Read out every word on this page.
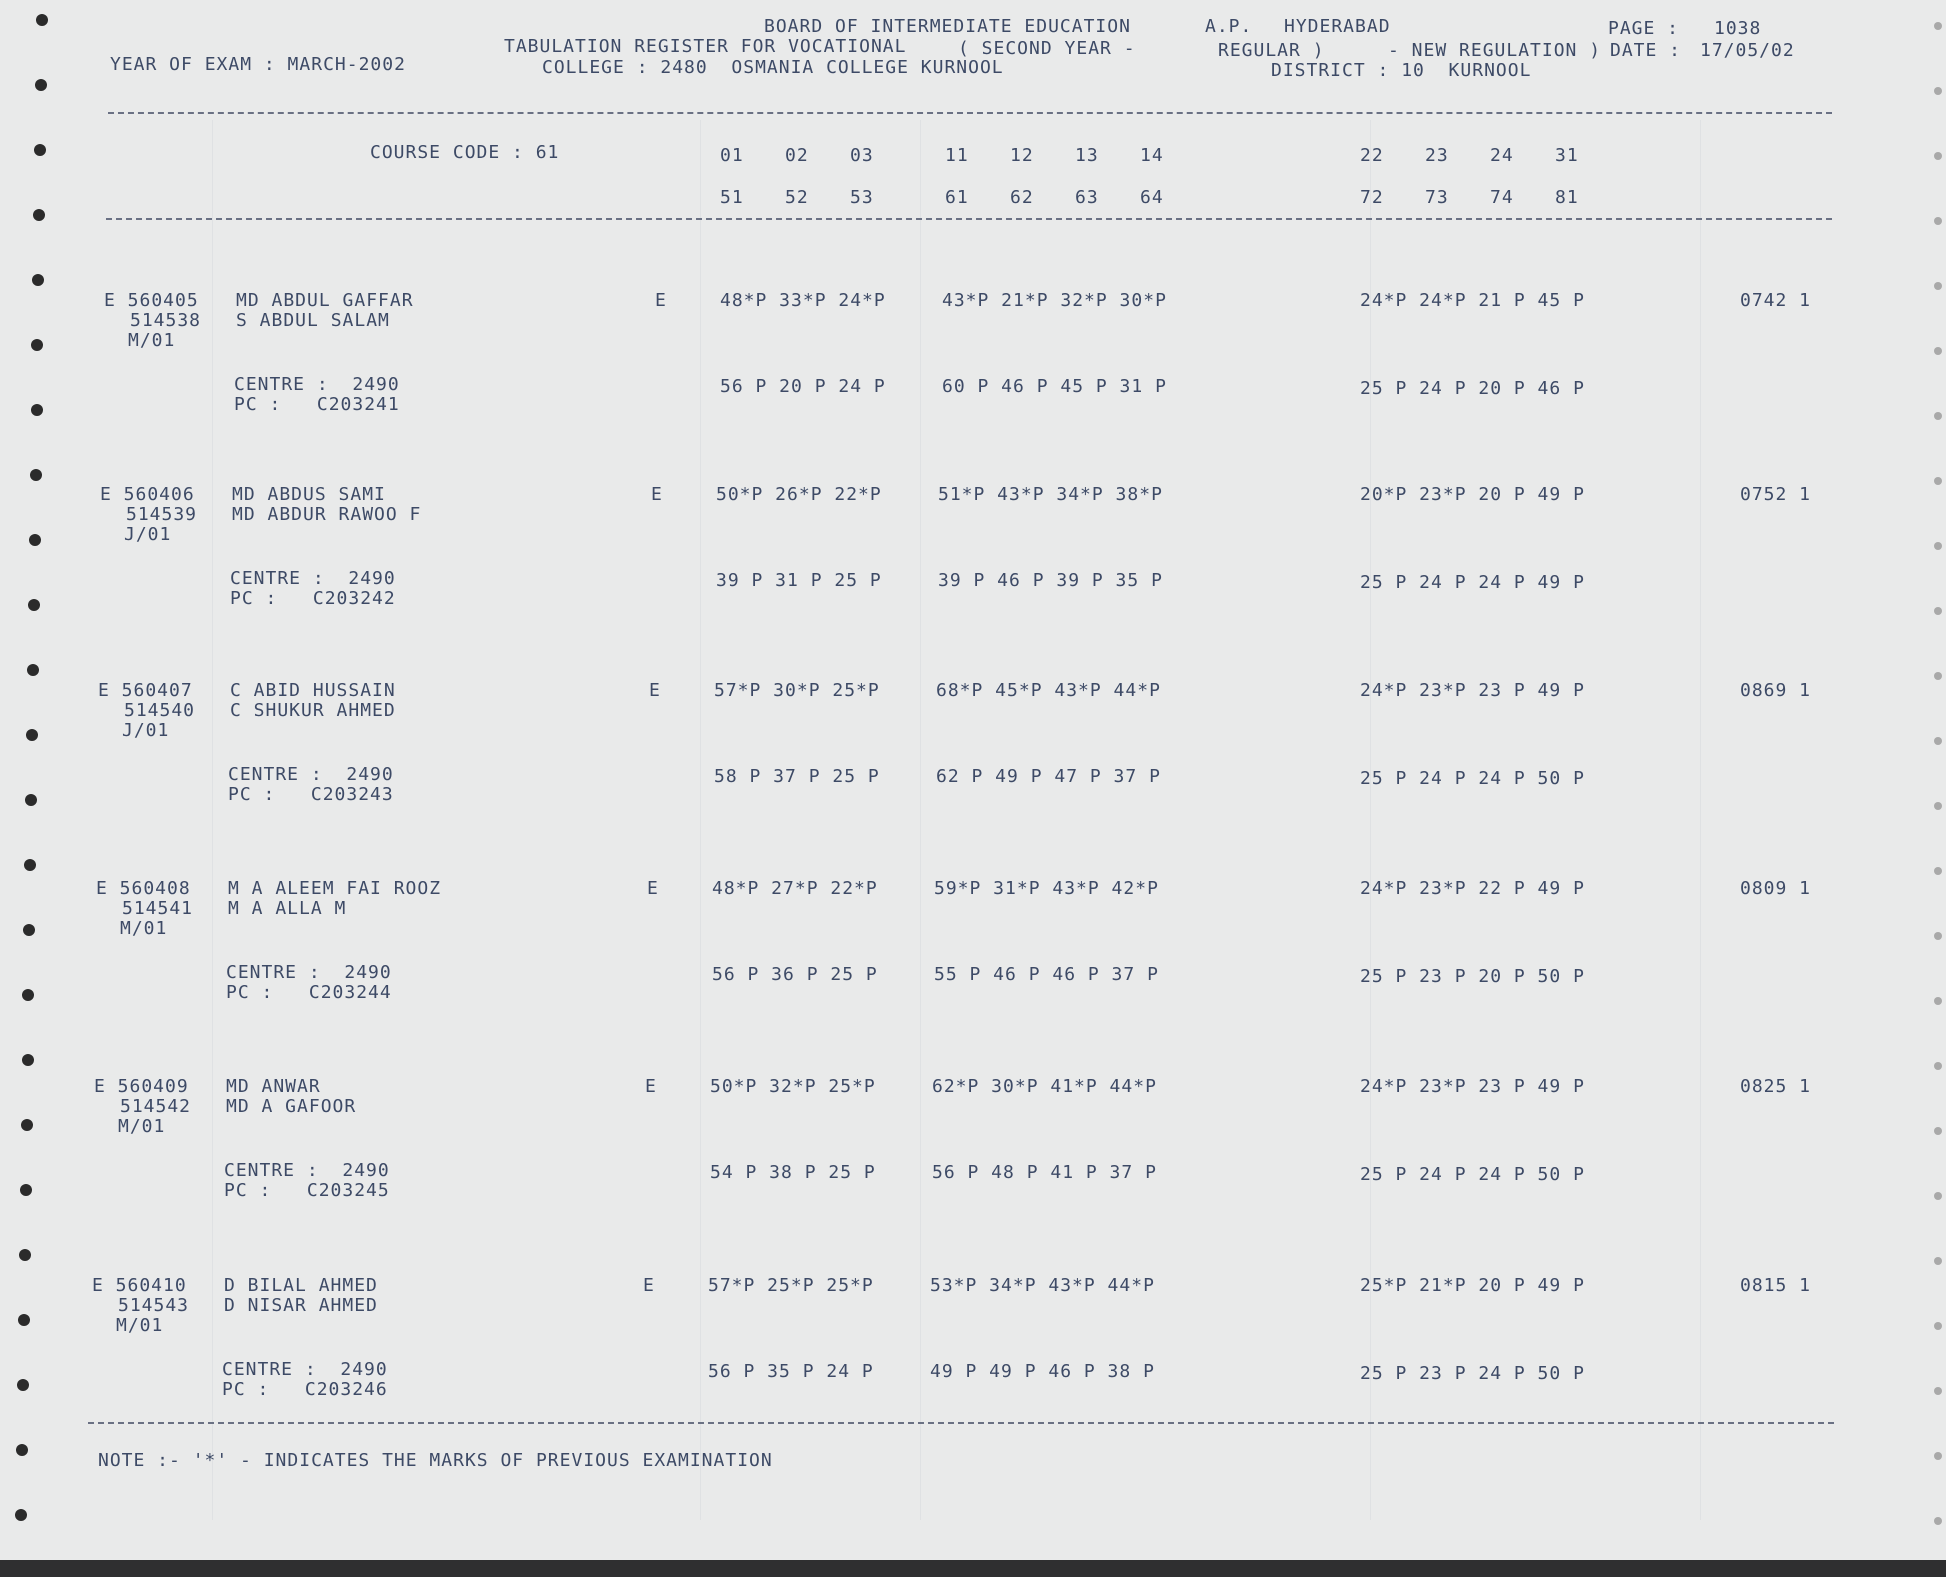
BOARD OF INTERMEDIATE EDUCATION	A.P. HYDERABAD	PAGE : 1038
TABULATION REGISTER FOR VOCATIONAL	( SECOND YEAR -	REGULAR )	- NEW REGULATION ) DATE : 17/05/02
YEAR OF EXAM : MARCH-2002	COLLEGE : 2480  OSMANIA COLLEGE KURNOOL	DISTRICT : 10  KURNOOL
COURSE CODE : 61	01 02 03	11 12 13 14	22 23 24 31
51 52 53	61 62 63 64	72 73 74 81
E 560405
514538
M/01
MD ABDUL GAFFAR
S ABDUL SALAM
E	48*P 33*P 24*P	43*P 21*P 32*P 30*P	24*P 24*P 21 P 45 P	0742 1
CENTRE :  2490
PC :   C203241
56 P 20 P 24 P	60 P 46 P 45 P 31 P	25 P 24 P 20 P 46 P
E 560406
514539
J/01
MD ABDUS SAMI
MD ABDUR RAWOO F
E	50*P 26*P 22*P	51*P 43*P 34*P 38*P	20*P 23*P 20 P 49 P	0752 1
CENTRE :  2490
PC :   C203242
39 P 31 P 25 P	39 P 46 P 39 P 35 P	25 P 24 P 24 P 49 P
E 560407
514540
J/01
C ABID HUSSAIN
C SHUKUR AHMED
E	57*P 30*P 25*P	68*P 45*P 43*P 44*P	24*P 23*P 23 P 49 P	0869 1
CENTRE :  2490
PC :   C203243
58 P 37 P 25 P	62 P 49 P 47 P 37 P	25 P 24 P 24 P 50 P
E 560408
514541
M/01
M A ALEEM FAI ROOZ
M A ALLA M
E	48*P 27*P 22*P	59*P 31*P 43*P 42*P	24*P 23*P 22 P 49 P	0809 1
CENTRE :  2490
PC :   C203244
56 P 36 P 25 P	55 P 46 P 46 P 37 P	25 P 23 P 20 P 50 P
E 560409
514542
M/01
MD ANWAR
MD A GAFOOR
E	50*P 32*P 25*P	62*P 30*P 41*P 44*P	24*P 23*P 23 P 49 P	0825 1
CENTRE :  2490
PC :   C203245
54 P 38 P 25 P	56 P 48 P 41 P 37 P	25 P 24 P 24 P 50 P
E 560410
514543
M/01
D BILAL AHMED
D NISAR AHMED
E	57*P 25*P 25*P	53*P 34*P 43*P 44*P	25*P 21*P 20 P 49 P	0815 1
CENTRE :  2490
PC :   C203246
56 P 35 P 24 P	49 P 49 P 46 P 38 P	25 P 23 P 24 P 50 P
NOTE :- '*' - INDICATES THE MARKS OF PREVIOUS EXAMINATION
